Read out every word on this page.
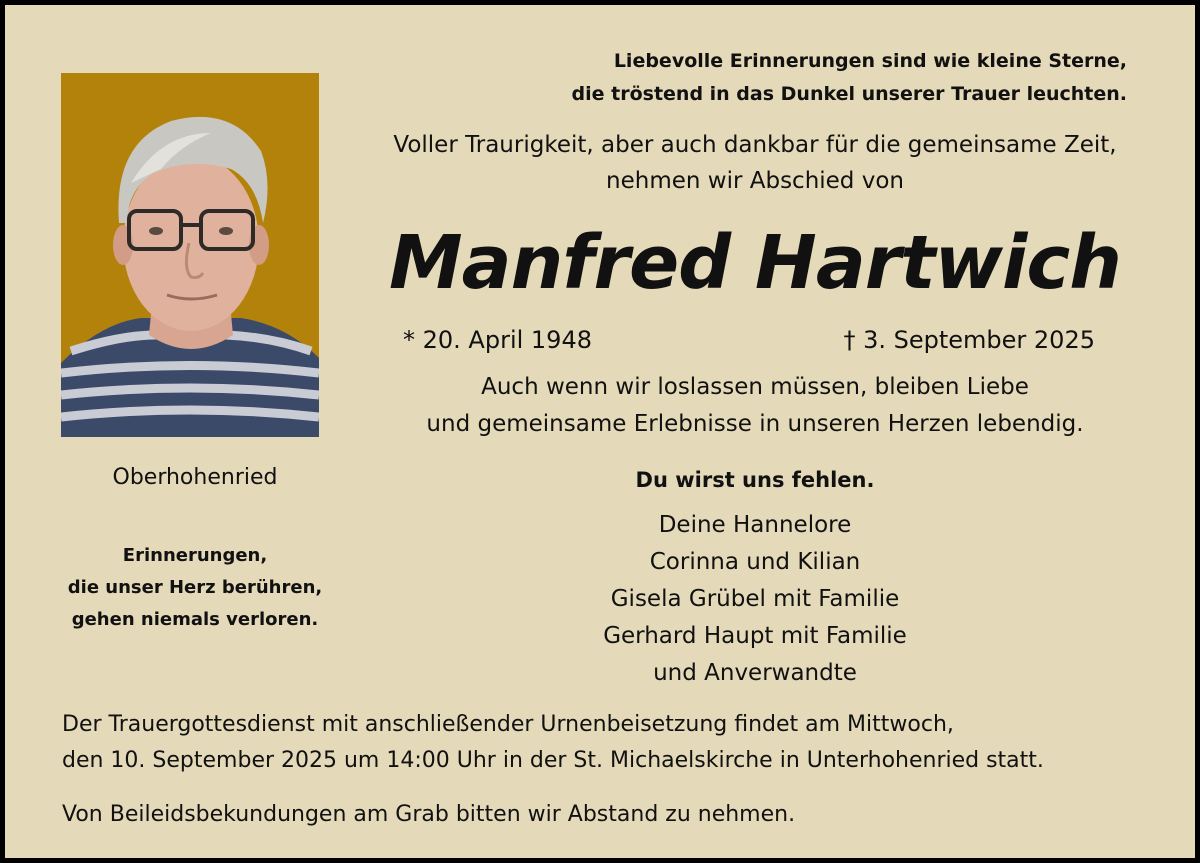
Liebevolle Erinnerungen sind wie kleine Sterne,
die tröstend in das Dunkel unserer Trauer leuchten.
Voller Traurigkeit, aber auch dankbar für die gemeinsame Zeit,
nehmen wir Abschied von
Manfred Hartwich
* 20. April 1948	† 3. September 2025
Auch wenn wir loslassen müssen, bleiben Liebe
und gemeinsame Erlebnisse in unseren Herzen lebendig.
Du wirst uns fehlen.
Deine Hannelore
Corinna und Kilian
Gisela Grübel mit Familie
Gerhard Haupt mit Familie
und Anverwandte
Oberhohenried
Erinnerungen,
die unser Herz berühren,
gehen niemals verloren.
Der Trauergottesdienst mit anschließender Urnenbeisetzung findet am Mittwoch,
den 10. September 2025 um 14:00 Uhr in der St. Michaelskirche in Unterhohenried statt.
Von Beileidsbekundungen am Grab bitten wir Abstand zu nehmen.
